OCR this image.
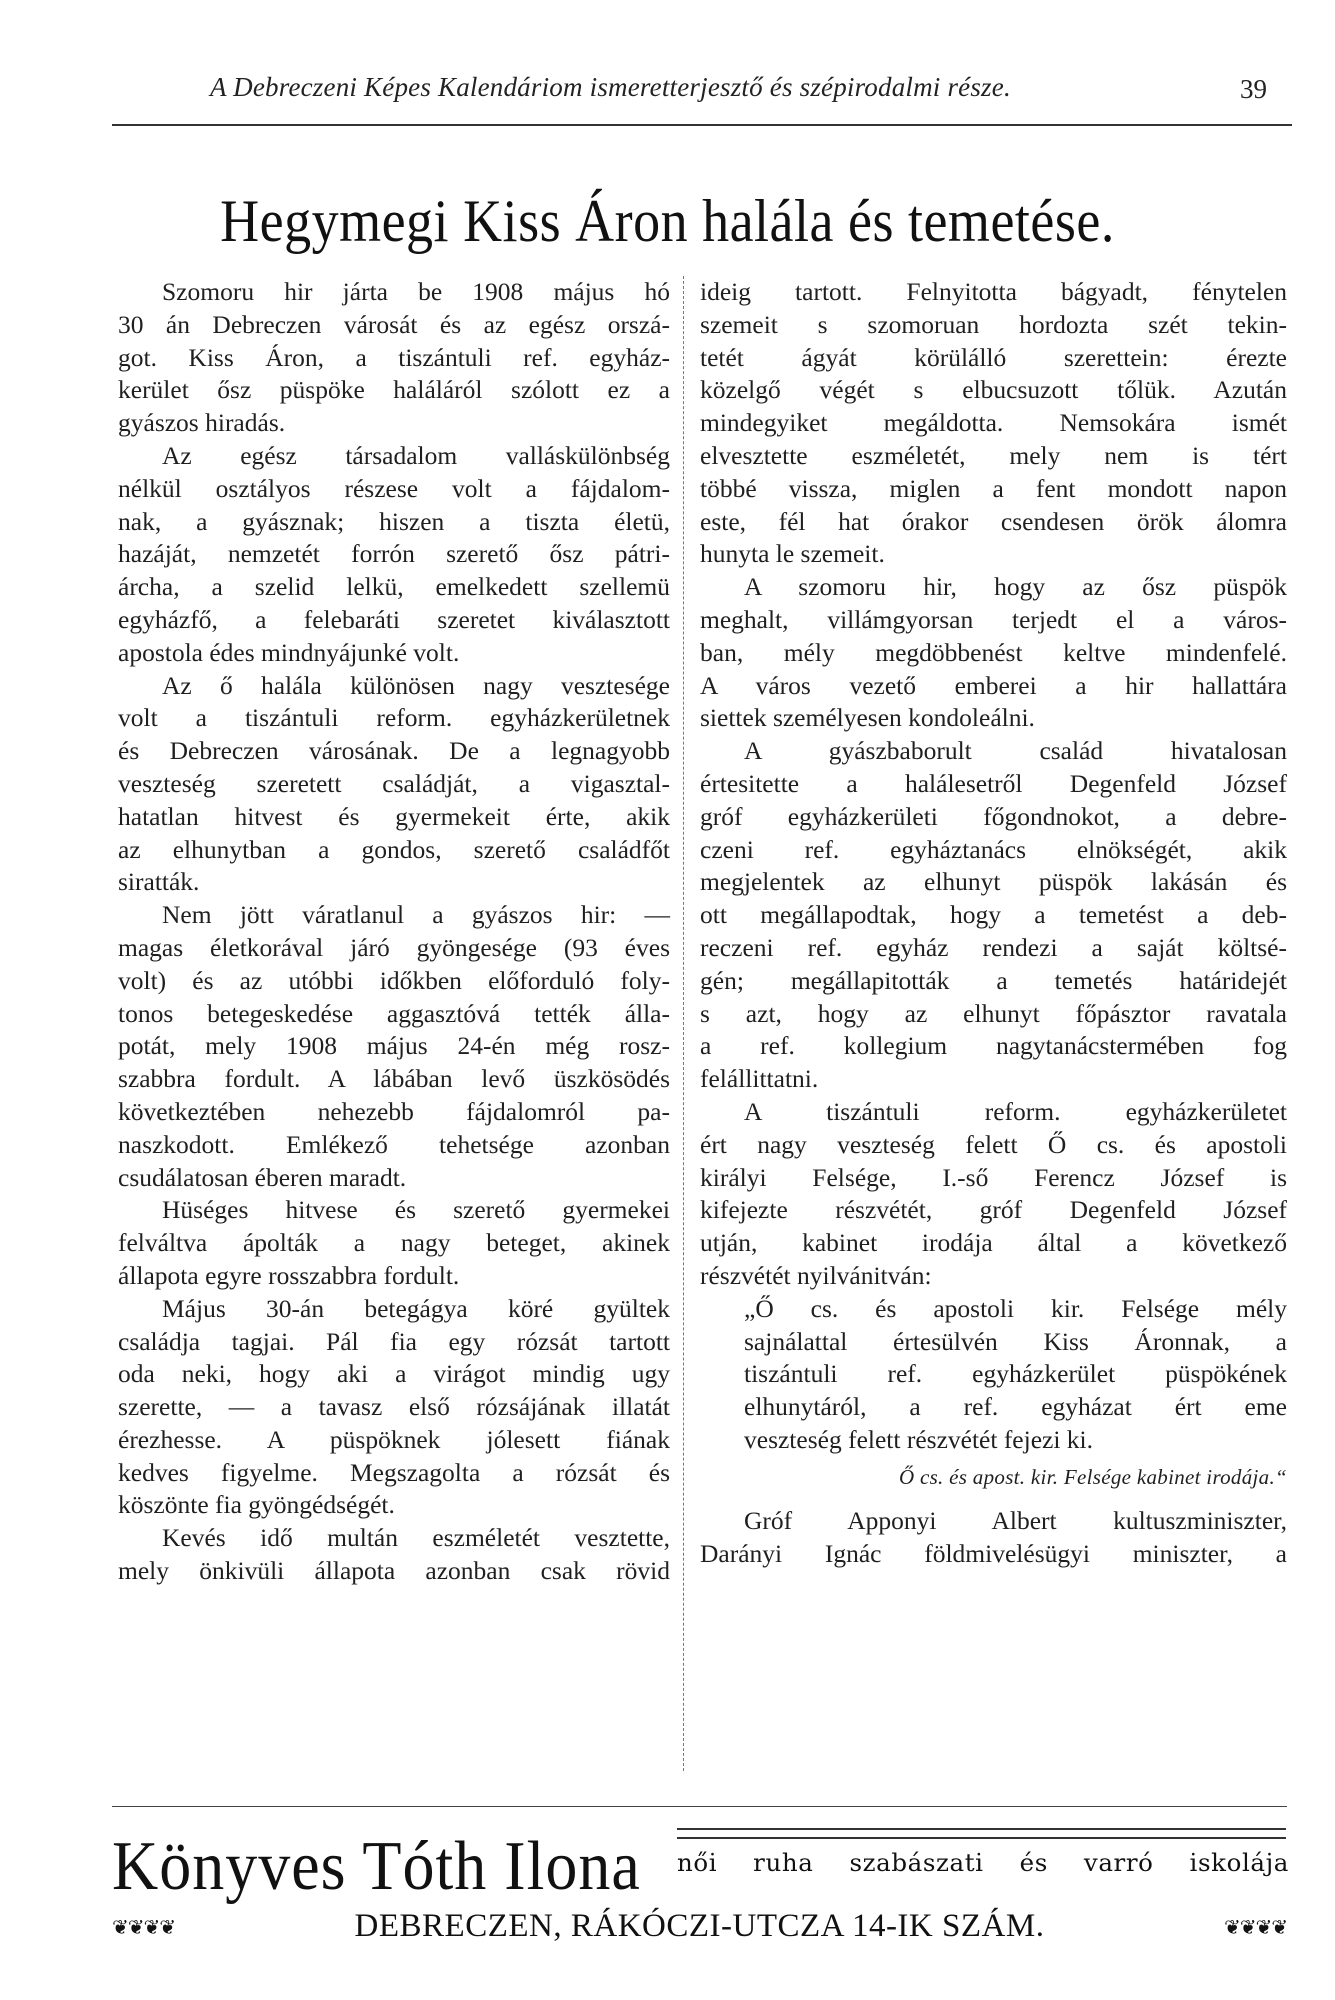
A Debreczeni Képes Kalendáriom ismeretterjesztő és szépirodalmi része.	39
Hegymegi Kiss Áron halála és temetése.

Szomoru hir járta be 1908 május hó
30 án Debreczen városát és az egész orszá-
got. Kiss Áron, a tiszántuli ref. egyház-
kerület ősz püspöke haláláról szólott ez a
gyászos hiradás.

Az egész társadalom valláskülönbség
nélkül osztályos részese volt a fájdalom-
nak, a gyásznak; hiszen a tiszta életü,
hazáját, nemzetét forrón szerető ősz pátri-
árcha, a szelid lelkü, emelkedett szellemü
egyházfő, a felebaráti szeretet kiválasztott
apostola édes mindnyájunké volt.

Az ő halála különösen nagy vesztesége
volt a tiszántuli reform. egyházkerületnek
és Debreczen városának. De a legnagyobb
veszteség szeretett családját, a vigasztal-
hatatlan hitvest és gyermekeit érte, akik
az elhunytban a gondos, szerető családfőt
siratták.

Nem jött váratlanul a gyászos hir: —
magas életkorával járó gyöngesége (93 éves
volt) és az utóbbi időkben előforduló foly-
tonos betegeskedése aggasztóvá tették álla-
potát, mely 1908 május 24-én még rosz-
szabbra fordult. A lábában levő üszkösödés
következtében nehezebb fájdalomról pa-
naszkodott. Emlékező tehetsége azonban
csudálatosan éberen maradt.

Hüséges hitvese és szerető gyermekei
felváltva ápolták a nagy beteget, akinek
állapota egyre rosszabbra fordult.

Május 30-án betegágya köré gyültek
családja tagjai. Pál fia egy rózsát tartott
oda neki, hogy aki a virágot mindig ugy
szerette, — a tavasz első rózsájának illatát
érezhesse. A püspöknek jólesett fiának
kedves figyelme. Megszagolta a rózsát és
köszönte fia gyöngédségét.

Kevés idő multán eszméletét vesztette,
mely önkivüli állapota azonban csak rövid

ideig tartott. Felnyitotta bágyadt, fénytelen
szemeit s szomoruan hordozta szét tekin-
tetét ágyát körülálló szerettein: érezte
közelgő végét s elbucsuzott tőlük. Azután
mindegyiket megáldotta. Nemsokára ismét
elvesztette eszméletét, mely nem is tért
többé vissza, miglen a fent mondott napon
este, fél hat órakor csendesen örök álomra
hunyta le szemeit.

A szomoru hir, hogy az ősz püspök
meghalt, villámgyorsan terjedt el a város-
ban, mély megdöbbenést keltve mindenfelé.
A város vezető emberei a hir hallattára
siettek személyesen kondoleálni.

A gyászbaborult család hivatalosan
értesitette a halálesetről Degenfeld József
gróf egyházkerületi főgondnokot, a debre-
czeni ref. egyháztanács elnökségét, akik
megjelentek az elhunyt püspök lakásán és
ott megállapodtak, hogy a temetést a deb-
reczeni ref. egyház rendezi a saját költsé-
gén; megállapitották a temetés határidejét
s azt, hogy az elhunyt főpásztor ravatala
a ref. kollegium nagytanácstermében fog
felállittatni.

A tiszántuli reform. egyházkerületet
ért nagy veszteség felett Ő cs. és apostoli
királyi Felsége, I.-ső Ferencz József is
kifejezte részvétét, gróf Degenfeld József
utján, kabinet irodája által a következő
részvétét nyilvánitván:

„Ő cs. és apostoli kir. Felsége mély
sajnálattal értesülvén Kiss Áronnak, a
tiszántuli ref. egyházkerület püspökének
elhunytáról, a ref. egyházat ért eme
veszteség felett részvétét fejezi ki.
Ő cs. és apost. kir. Felsége kabinet irodája.“

Gróf Apponyi Albert kultuszminiszter,
Darányi Ignác földmivelésügyi miniszter, a

Könyves Tóth Ilona női ruha szabászati és varró iskolája
❦❦❦❦	DEBRECZEN, RÁKÓCZI-UTCZA 14-IK SZÁM.	❦❦❦❦
